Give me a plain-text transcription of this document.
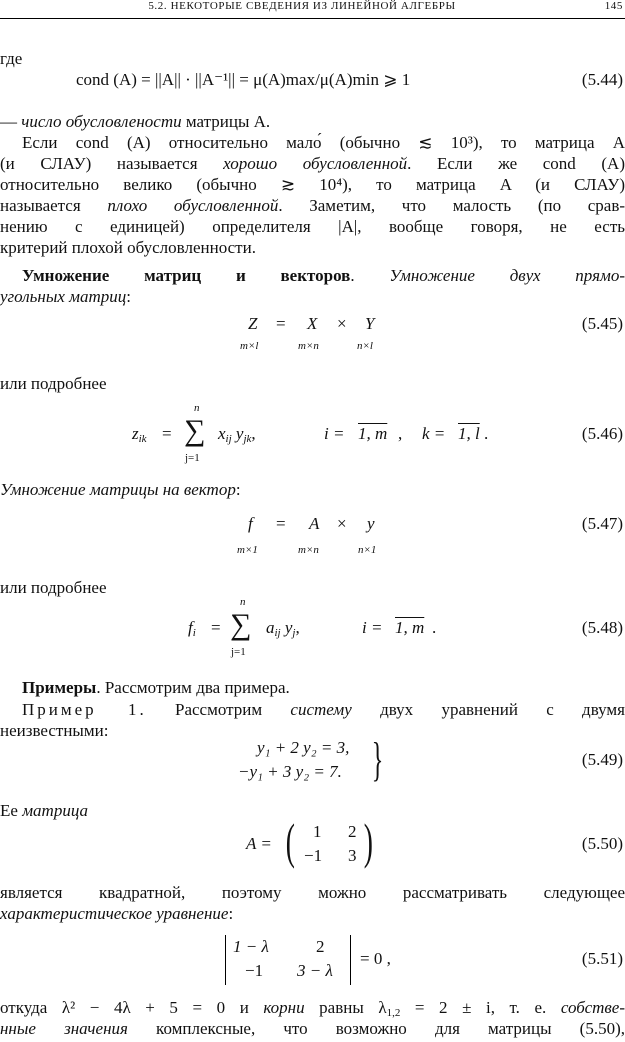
5.2. НЕКОТОРЫЕ СВЕДЕНИЯ ИЗ ЛИНЕЙНОЙ АЛГЕБРЫ	145
где
cond (A) = ||A|| · ||A⁻¹|| = μ(A)max/μ(A)min ⩾ 1	(5.44)
— число обусловлености матрицы A.
Если cond (A) относительно мало́ (обычно ≲ 10³), то матрица A
(и СЛАУ) называется хорошо обусловленной. Если же cond (A)
относительно велико (обычно ≳ 10⁴), то матрица A (и СЛАУ)
называется плохо обусловленной. Заметим, что малость (по срав-
нению с единицей) определителя |A|, вообще говоря, не есть
критерий плохой обусловленности.
Умножение матриц и векторов. Умножение двух прямо-
угольных матриц:
Z = X × Y
m×l	m×n	n×l
(5.45)
или подробнее
$z_{ik}$ =
n
∑
j=1
$x_{ij}$ $y_{jk}$,	i = 1, m , k = 1, l .	(5.46)
Умножение матрицы на вектор:
f = A × y
m×1	m×n	n×1
(5.47)
или подробнее
$f_i$ =
n
∑
j=1
$a_{ij}$ $y_j$,	i = 1, m .	(5.48)
Примеры. Рассмотрим два примера.
Пример 1. Рассмотрим систему двух уравнений с двумя
неизвестными:
y₁ + 2 y₂ = 3,
−y₁ + 3 y₂ = 7. }	(5.49)
Ее матрица
A = ( 1 2
−1 3 )	(5.50)
является квадратной, поэтому можно рассматривать следующее
характеристическое уравнение:
1 − λ	2
−1 3 − λ
= 0 ,	(5.51)
откуда λ² − 4λ + 5 = 0 и корни равны $\lambda_{1,2} = 2 \pm i$, т. е. собстве-
нные значения комплексные, что возможно для матрицы (5.50),
